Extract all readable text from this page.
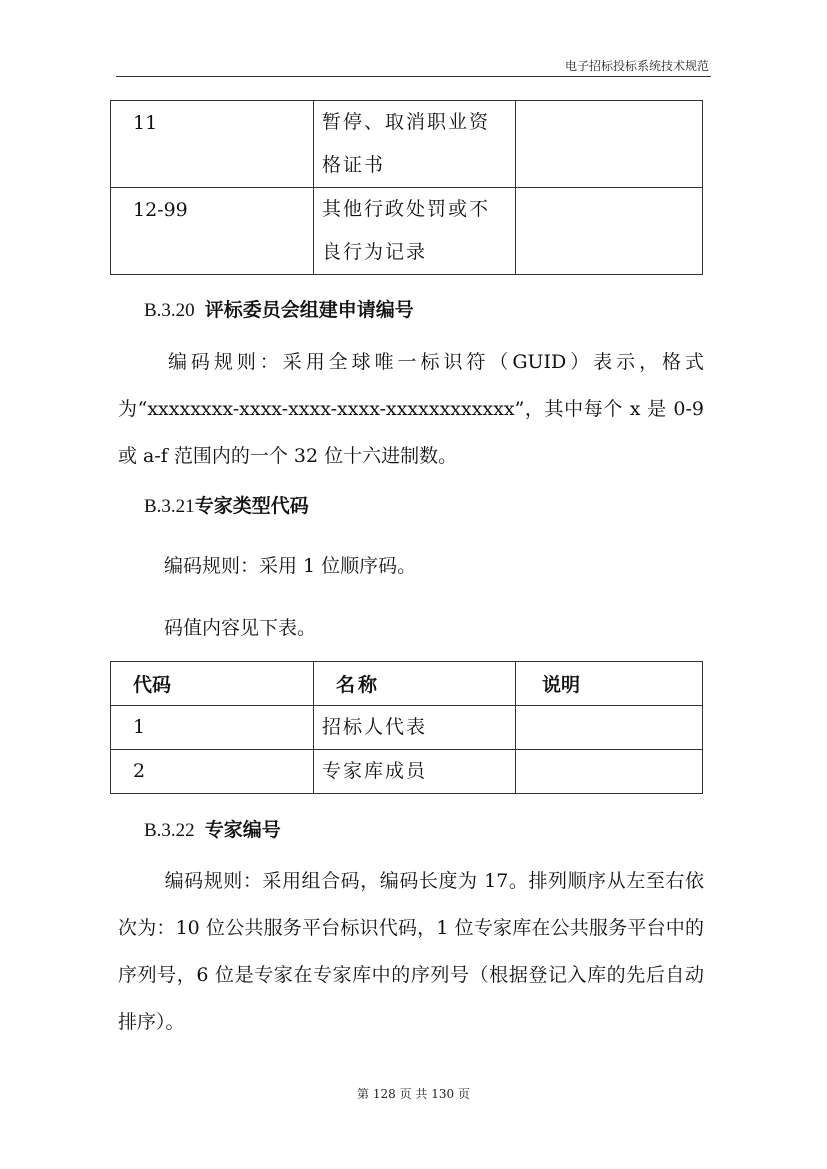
电子招标投标系统技术规范
11	暂停、取消职业资
格证书	
12-99	其他行政处罚或不
良行为记录	
B.3.20 评标委员会组建申请编号
编码规则：采用全球唯一标识符（GUID）表示，格式为“xxxxxxxx-xxxx-xxxx-xxxx-xxxxxxxxxxxx”，其中每个 x 是 0-9 或 a-f 范围内的一个 32 位十六进制数。
B.3.21专家类型代码
编码规则：采用 1 位顺序码。
码值内容见下表。
代码	名称	说明
1	招标人代表	
2	专家库成员	
B.3.22 专家编号
编码规则：采用组合码，编码长度为 17。排列顺序从左至右依次为：10 位公共服务平台标识代码，1 位专家库在公共服务平台中的序列号，6 位是专家在专家库中的序列号（根据登记入库的先后自动排序）。
第 128 页 共 130 页
